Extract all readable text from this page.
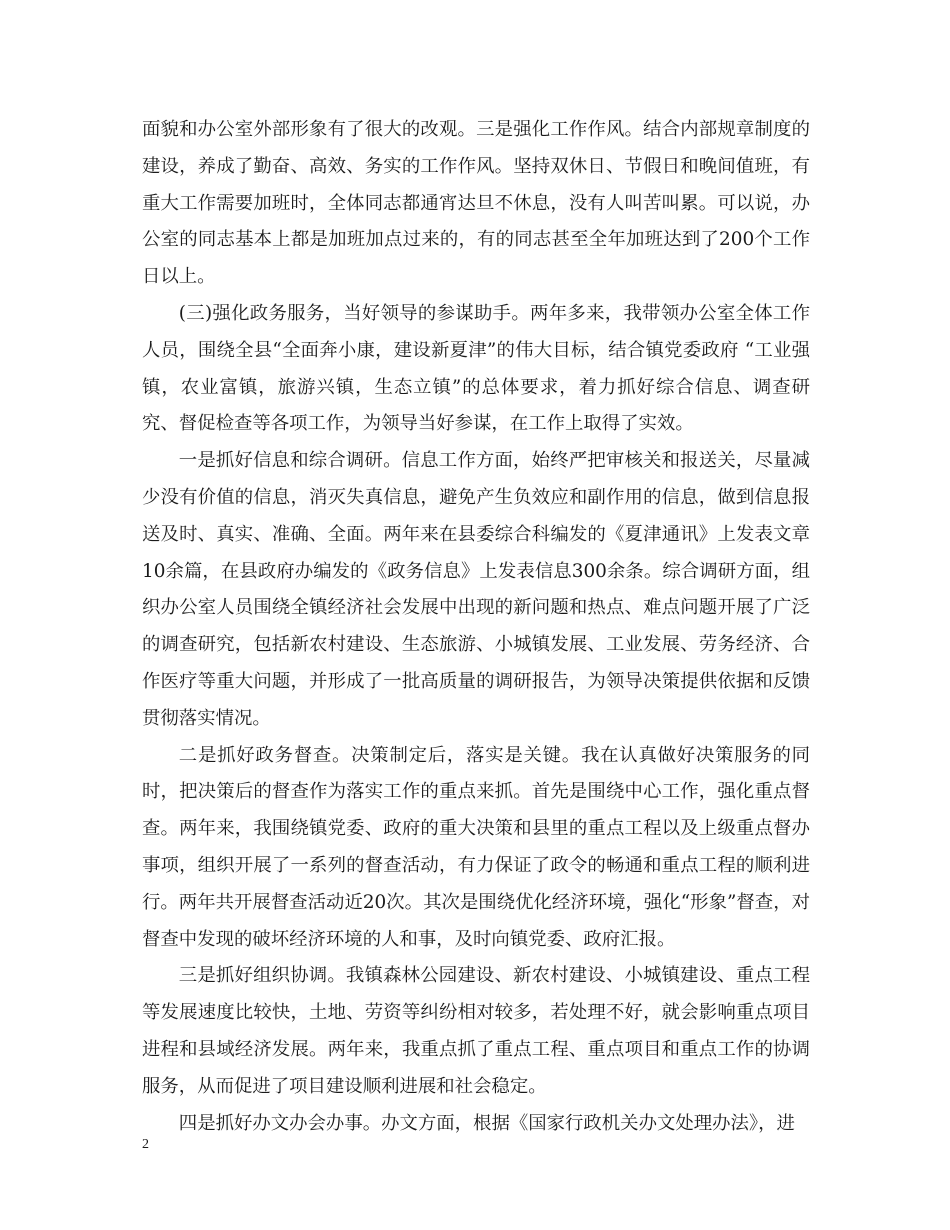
面貌和办公室外部形象有了很大的改观。三是强化工作作风。结合内部规章制度的建设，养成了勤奋、高效、务实的工作作风。坚持双休日、节假日和晚间值班，有重大工作需要加班时，全体同志都通宵达旦不休息，没有人叫苦叫累。可以说，办公室的同志基本上都是加班加点过来的，有的同志甚至全年加班达到了200个工作日以上。

(三)强化政务服务，当好领导的参谋助手。两年多来，我带领办公室全体工作人员，围绕全县“全面奔小康，建设新夏津”的伟大目标，结合镇党委政府 “工业强镇，农业富镇，旅游兴镇，生态立镇”的总体要求，着力抓好综合信息、调查研究、督促检查等各项工作，为领导当好参谋，在工作上取得了实效。

一是抓好信息和综合调研。信息工作方面，始终严把审核关和报送关，尽量减少没有价值的信息，消灭失真信息，避免产生负效应和副作用的信息，做到信息报送及时、真实、准确、全面。两年来在县委综合科编发的《夏津通讯》上发表文章10余篇，在县政府办编发的《政务信息》上发表信息300余条。综合调研方面，组织办公室人员围绕全镇经济社会发展中出现的新问题和热点、难点问题开展了广泛的调查研究，包括新农村建设、生态旅游、小城镇发展、工业发展、劳务经济、合作医疗等重大问题，并形成了一批高质量的调研报告，为领导决策提供依据和反馈贯彻落实情况。

二是抓好政务督查。决策制定后，落实是关键。我在认真做好决策服务的同时，把决策后的督查作为落实工作的重点来抓。首先是围绕中心工作，强化重点督查。两年来，我围绕镇党委、政府的重大决策和县里的重点工程以及上级重点督办事项，组织开展了一系列的督查活动，有力保证了政令的畅通和重点工程的顺利进行。两年共开展督查活动近20次。其次是围绕优化经济环境，强化“形象”督查，对督查中发现的破坏经济环境的人和事，及时向镇党委、政府汇报。

三是抓好组织协调。我镇森林公园建设、新农村建设、小城镇建设、重点工程等发展速度比较快，土地、劳资等纠纷相对较多，若处理不好，就会影响重点项目进程和县域经济发展。两年来，我重点抓了重点工程、重点项目和重点工作的协调服务，从而促进了项目建设顺利进展和社会稳定。

四是抓好办文办会办事。办文方面，根据《国家行政机关办文处理办法》，进

2
